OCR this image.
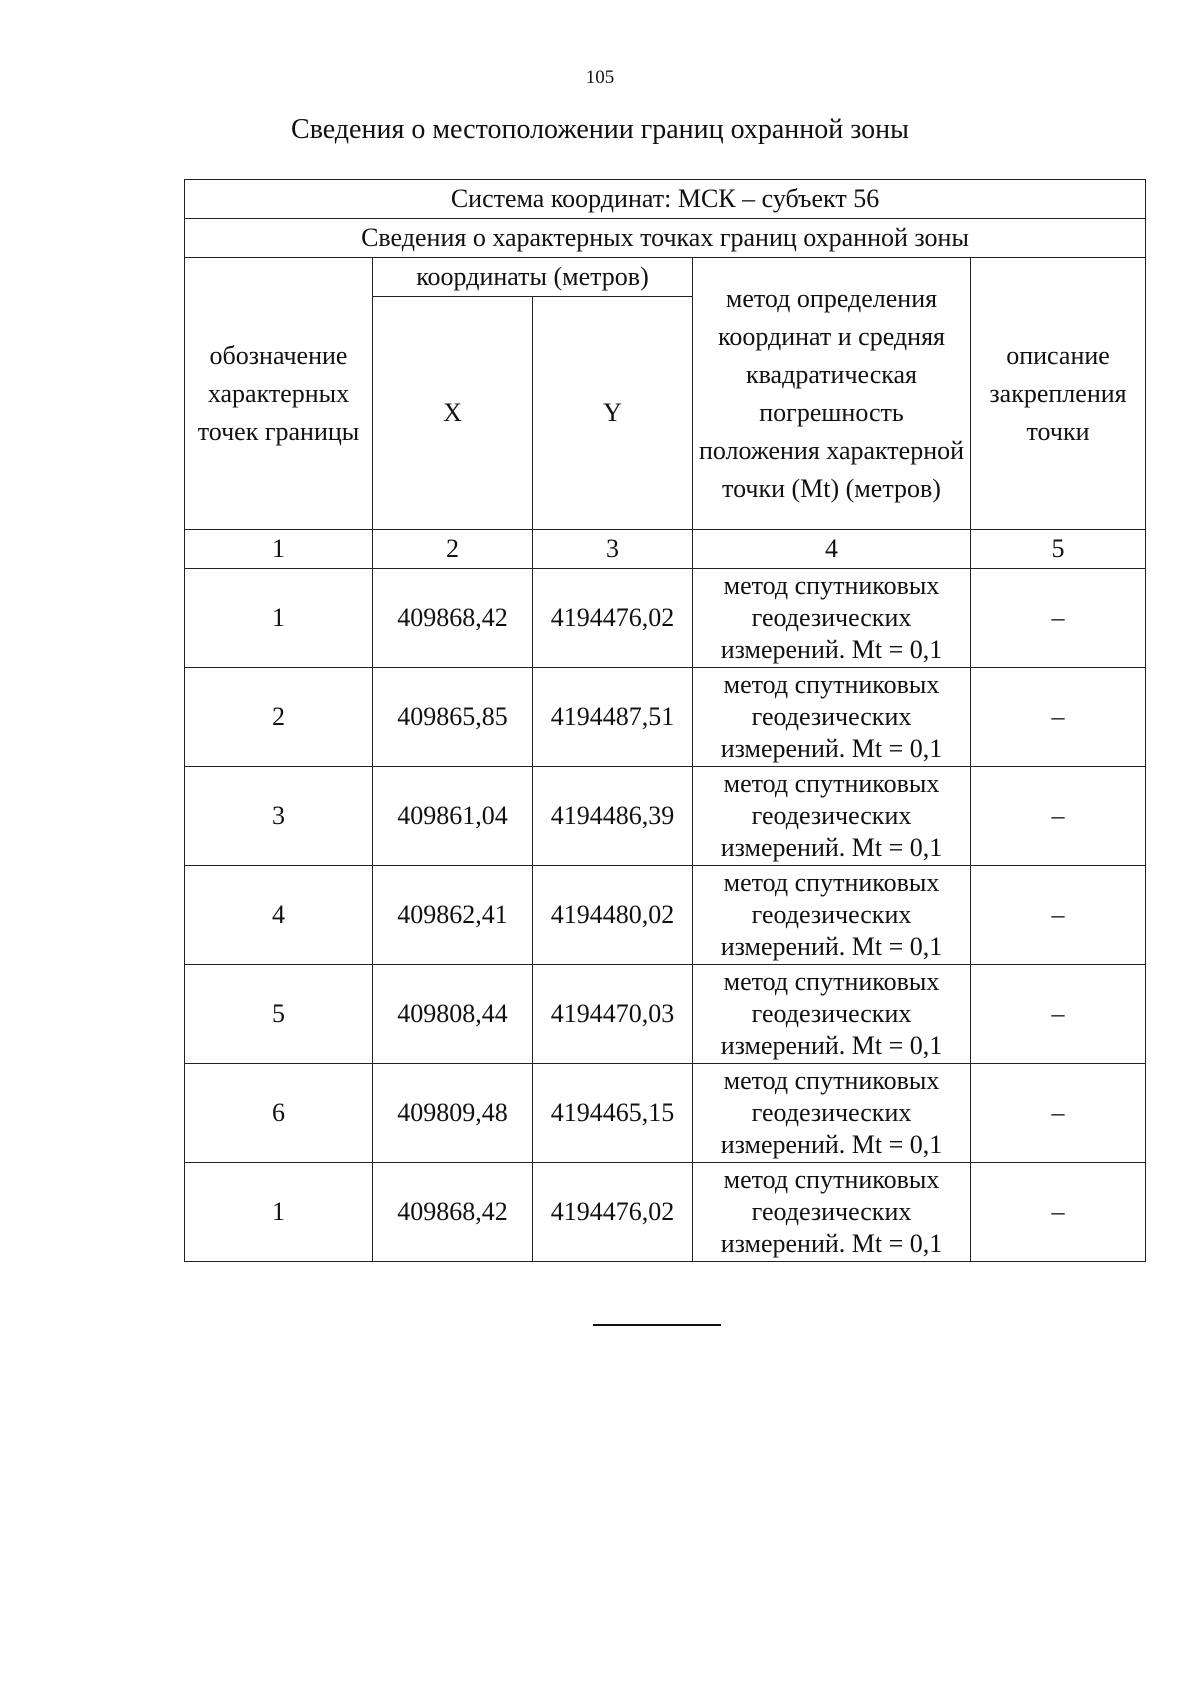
105
Сведения о местоположении границ охранной зоны
Система координат: МСК – субъект 56				
Сведения о характерных точках границ охранной зоны				
обозначение характерных точек границы	координаты (метров)		метод определения координат и средняя квадратическая погрешность положения характерной точки (Mt) (метров)	описание закрепления точки
	X	Y		
1	2	3	4	5
1	409868,42	4194476,02	метод спутниковых геодезических измерений. Mt = 0,1	–
2	409865,85	4194487,51	метод спутниковых геодезических измерений. Mt = 0,1	–
3	409861,04	4194486,39	метод спутниковых геодезических измерений. Mt = 0,1	–
4	409862,41	4194480,02	метод спутниковых геодезических измерений. Mt = 0,1	–
5	409808,44	4194470,03	метод спутниковых геодезических измерений. Mt = 0,1	–
6	409809,48	4194465,15	метод спутниковых геодезических измерений. Mt = 0,1	–
1	409868,42	4194476,02	метод спутниковых геодезических измерений. Mt = 0,1	–
